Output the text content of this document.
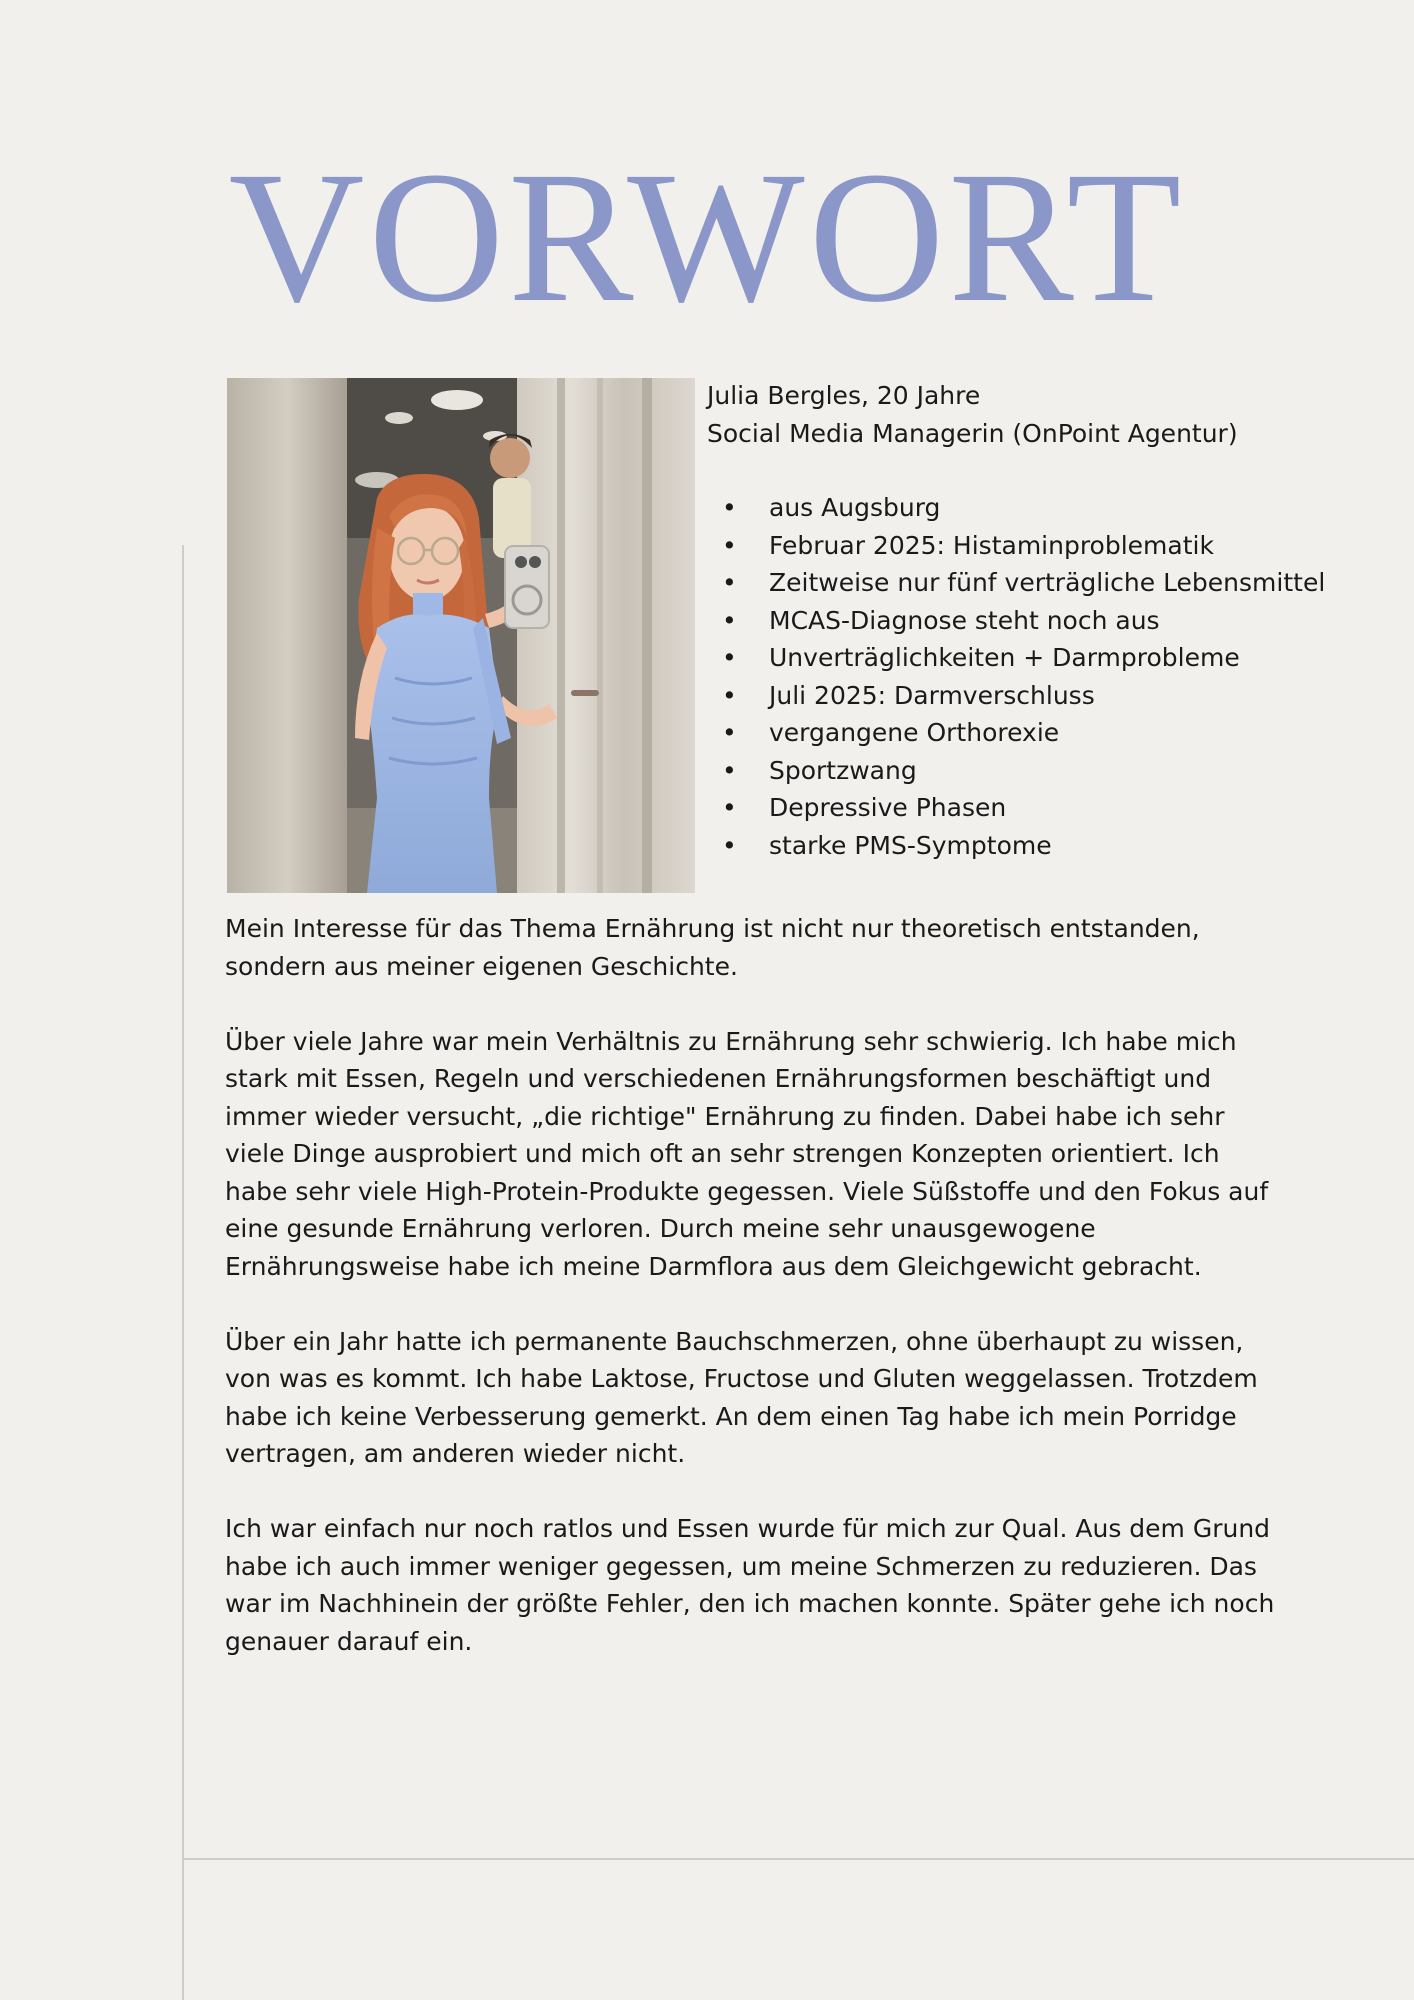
VORWORT

Julia Bergles, 20 Jahre

Social Media Managerin (OnPoint Agentur)

• aus Augsburg
• Februar 2025: Histaminproblematik
• Zeitweise nur fünf verträgliche Lebensmittel
• MCAS-Diagnose steht noch aus
• Unverträglichkeiten + Darmprobleme
• Juli 2025: Darmverschluss
• vergangene Orthorexie
• Sportzwang
• Depressive Phasen
• starke PMS-Symptome

Mein Interesse für das Thema Ernährung ist nicht nur theoretisch entstanden, sondern aus meiner eigenen Geschichte.

Über viele Jahre war mein Verhältnis zu Ernährung sehr schwierig. Ich habe mich stark mit Essen, Regeln und verschiedenen Ernährungsformen beschäftigt und immer wieder versucht, „die richtige" Ernährung zu finden. Dabei habe ich sehr viele Dinge ausprobiert und mich oft an sehr strengen Konzepten orientiert. Ich habe sehr viele High-Protein-Produkte gegessen. Viele Süßstoffe und den Fokus auf eine gesunde Ernährung verloren. Durch meine sehr unausgewogene Ernährungsweise habe ich meine Darmflora aus dem Gleichgewicht gebracht.

Über ein Jahr hatte ich permanente Bauchschmerzen, ohne überhaupt zu wissen, von was es kommt. Ich habe Laktose, Fructose und Gluten weggelassen. Trotzdem habe ich keine Verbesserung gemerkt. An dem einen Tag habe ich mein Porridge vertragen, am anderen wieder nicht.

Ich war einfach nur noch ratlos und Essen wurde für mich zur Qual. Aus dem Grund habe ich auch immer weniger gegessen, um meine Schmerzen zu reduzieren. Das war im Nachhinein der größte Fehler, den ich machen konnte. Später gehe ich noch genauer darauf ein.
